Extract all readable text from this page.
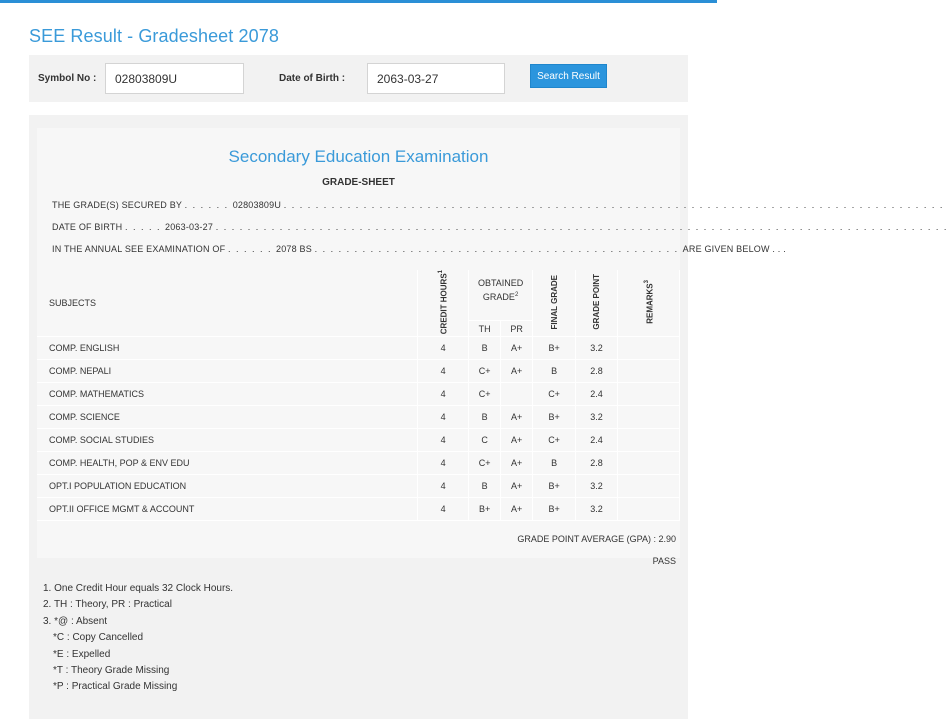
SEE Result - Gradesheet 2078
Symbol No :
02803809U	Date of Birth :
2063-03-27	Search Result
Secondary Education Examination
GRADE-SHEET
THE GRADE(S) SECURED BY . . . . . . 02803809U . . . . . . . . . . . . . . . . . . . . . . . . . . . . . . . . . . . . . . . . . . . . . . . . . . . . . . . . . . . . . . . . . . . . . . . . . . . . . . . . . . .
DATE OF BIRTH . . . . . 2063-03-27 . . . . . . . . . . . . . . . . . . . . . . . . . . . . . . . . . . . . . . . . . . . . . . . . . . . . . . . . . . . . . . . . . . . . . . . . . . . . . . . . . . . . . . . . . . . .
IN THE ANNUAL SEE EXAMINATION OF . . . . . . 2078 BS . . . . . . . . . . . . . . . . . . . . . . . . . . . . . . . . . . . . . . . . . . . . . . ARE GIVEN BELOW . . .
SUBJECTS	CREDIT HOURS$^1$	OBTAINED GRADE$^2$		FINAL GRADE	GRADE POINT	REMARKS$^3$
		TH	PR			
COMP. ENGLISH	4	B	A+	B+	3.2	
COMP. NEPALI	4	C+	A+	B	2.8	
COMP. MATHEMATICS	4	C+		C+	2.4	
COMP. SCIENCE	4	B	A+	B+	3.2	
COMP. SOCIAL STUDIES	4	C	A+	C+	2.4	
COMP. HEALTH, POP & ENV EDU	4	C+	A+	B	2.8	
OPT.I POPULATION EDUCATION	4	B	A+	B+	3.2	
OPT.II OFFICE MGMT & ACCOUNT	4	B+	A+	B+	3.2	
GRADE POINT AVERAGE (GPA) : 2.90
PASS
1. One Credit Hour equals 32 Clock Hours.
2. TH : Theory, PR : Practical
3. *@ : Absent
*C : Copy Cancelled
*E : Expelled
*T : Theory Grade Missing
*P : Practical Grade Missing
